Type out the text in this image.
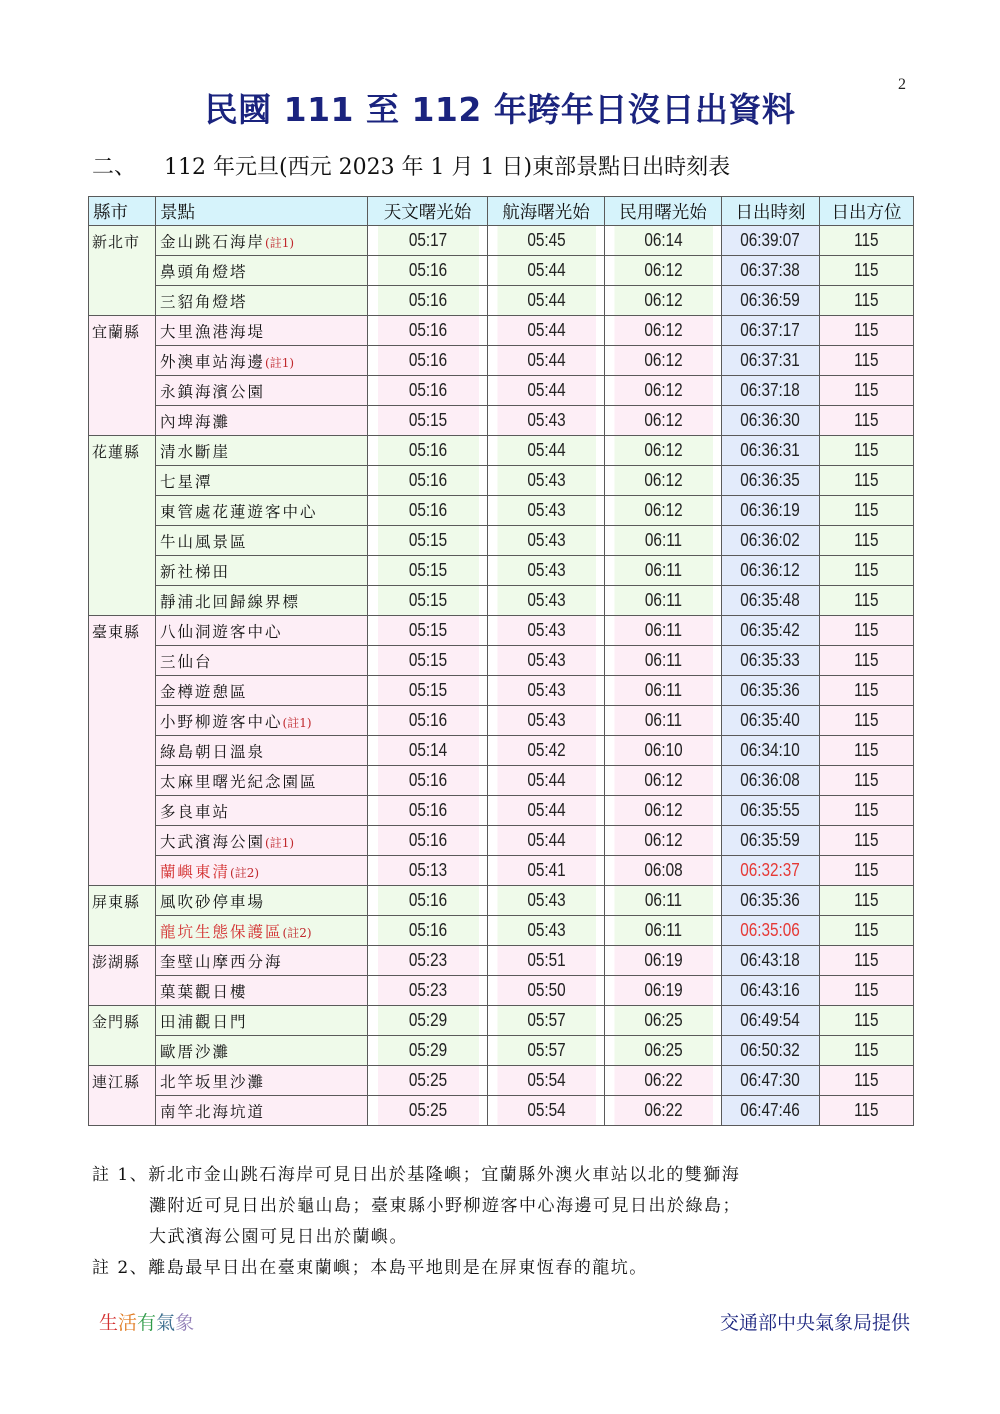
2
民國 111 至 112 年跨年日沒日出資料
二、 112 年元旦(西元 2023 年 1 月 1 日)東部景點日出時刻表
縣市	景點	天文曙光始	航海曙光始	民用曙光始	日出時刻	日出方位
新北市	金山跳石海岸(註1)	05:17	05:45	06:14	06:39:07	115
	鼻頭角燈塔	05:16	05:44	06:12	06:37:38	115
	三貂角燈塔	05:16	05:44	06:12	06:36:59	115
宜蘭縣	大里漁港海堤	05:16	05:44	06:12	06:37:17	115
	外澳車站海邊(註1)	05:16	05:44	06:12	06:37:31	115
	永鎮海濱公園	05:16	05:44	06:12	06:37:18	115
	內埤海灘	05:15	05:43	06:12	06:36:30	115
花蓮縣	清水斷崖	05:16	05:44	06:12	06:36:31	115
	七星潭	05:16	05:43	06:12	06:36:35	115
	東管處花蓮遊客中心	05:16	05:43	06:12	06:36:19	115
	牛山風景區	05:15	05:43	06:11	06:36:02	115
	新社梯田	05:15	05:43	06:11	06:36:12	115
	靜浦北回歸線界標	05:15	05:43	06:11	06:35:48	115
臺東縣	八仙洞遊客中心	05:15	05:43	06:11	06:35:42	115
	三仙台	05:15	05:43	06:11	06:35:33	115
	金樽遊憩區	05:15	05:43	06:11	06:35:36	115
	小野柳遊客中心(註1)	05:16	05:43	06:11	06:35:40	115
	綠島朝日溫泉	05:14	05:42	06:10	06:34:10	115
	太麻里曙光紀念園區	05:16	05:44	06:12	06:36:08	115
	多良車站	05:16	05:44	06:12	06:35:55	115
	大武濱海公園(註1)	05:16	05:44	06:12	06:35:59	115
	蘭嶼東清(註2)	05:13	05:41	06:08	06:32:37	115
屏東縣	風吹砂停車場	05:16	05:43	06:11	06:35:36	115
	龍坑生態保護區(註2)	05:16	05:43	06:11	06:35:06	115
澎湖縣	奎壁山摩西分海	05:23	05:51	06:19	06:43:18	115
	菓葉觀日樓	05:23	05:50	06:19	06:43:16	115
金門縣	田浦觀日門	05:29	05:57	06:25	06:49:54	115
	歐厝沙灘	05:29	05:57	06:25	06:50:32	115
連江縣	北竿坂里沙灘	05:25	05:54	06:22	06:47:30	115
	南竿北海坑道	05:25	05:54	06:22	06:47:46	115
註 1、新北市金山跳石海岸可見日出於基隆嶼；宜蘭縣外澳火車站以北的雙獅海
灘附近可見日出於龜山島；臺東縣小野柳遊客中心海邊可見日出於綠島；
大武濱海公園可見日出於蘭嶼。
註 2、離島最早日出在臺東蘭嶼；本島平地則是在屏東恆春的龍坑。
生活有氣象	交通部中央氣象局提供
